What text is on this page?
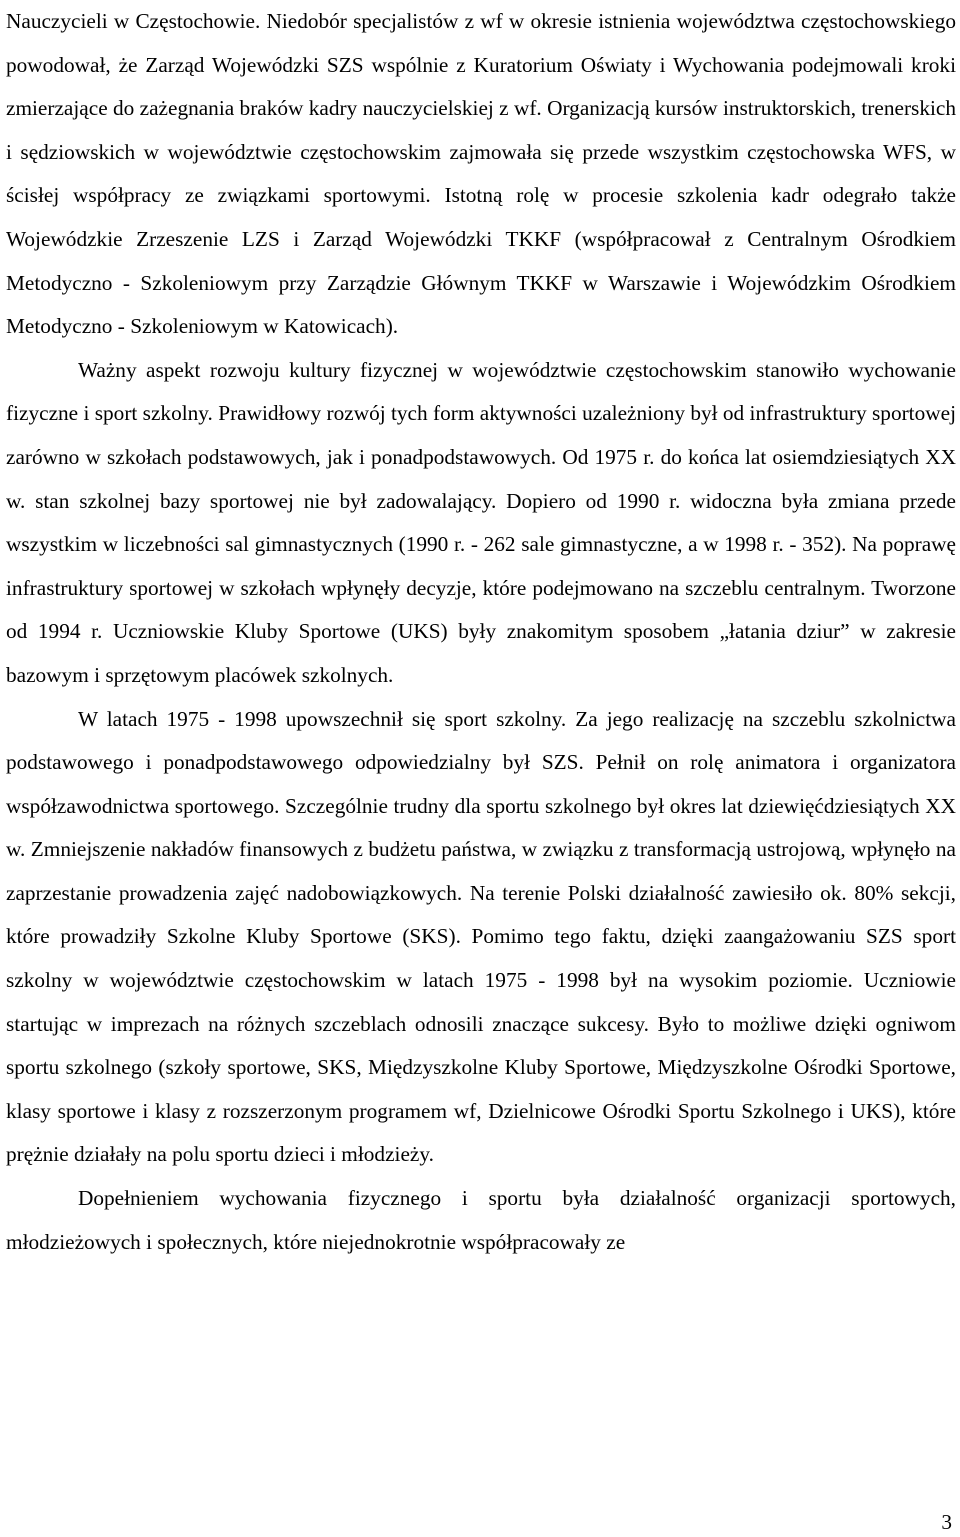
Nauczycieli w Częstochowie. Niedobór specjalistów z wf w okresie istnienia województwa częstochowskiego powodował, że Zarząd Wojewódzki SZS wspólnie z Kuratorium Oświaty i Wychowania podejmowali kroki zmierzające do zażegnania braków kadry nauczycielskiej z wf. Organizacją kursów instruktorskich, trenerskich i sędziowskich w województwie częstochowskim zajmowała się przede wszystkim częstochowska WFS, w ścisłej współpracy ze związkami sportowymi. Istotną rolę w procesie szkolenia kadr odegrało także Wojewódzkie Zrzeszenie LZS i Zarząd Wojewódzki TKKF (współpracował z Centralnym Ośrodkiem Metodyczno - Szkoleniowym przy Zarządzie Głównym TKKF w Warszawie i Wojewódzkim Ośrodkiem Metodyczno - Szkoleniowym w Katowicach).

Ważny aspekt rozwoju kultury fizycznej w województwie częstochowskim stanowiło wychowanie fizyczne i sport szkolny. Prawidłowy rozwój tych form aktywności uzależniony był od infrastruktury sportowej zarówno w szkołach podstawowych, jak i ponadpodstawowych. Od 1975 r. do końca lat osiemdziesiątych XX w. stan szkolnej bazy sportowej nie był zadowalający. Dopiero od 1990 r. widoczna była zmiana przede wszystkim w liczebności sal gimnastycznych (1990 r. - 262 sale gimnastyczne, a w 1998 r. - 352). Na poprawę infrastruktury sportowej w szkołach wpłynęły decyzje, które podejmowano na szczeblu centralnym. Tworzone od 1994 r. Uczniowskie Kluby Sportowe (UKS) były znakomitym sposobem „łatania dziur” w zakresie bazowym i sprzętowym placówek szkolnych.

W latach 1975 - 1998 upowszechnił się sport szkolny. Za jego realizację na szczeblu szkolnictwa podstawowego i ponadpodstawowego odpowiedzialny był SZS. Pełnił on rolę animatora i organizatora współzawodnictwa sportowego. Szczególnie trudny dla sportu szkolnego był okres lat dziewięćdziesiątych XX w. Zmniejszenie nakładów finansowych z budżetu państwa, w związku z transformacją ustrojową, wpłynęło na zaprzestanie prowadzenia zajęć nadobowiązkowych. Na terenie Polski działalność zawiesiło ok. 80% sekcji, które prowadziły Szkolne Kluby Sportowe (SKS). Pomimo tego faktu, dzięki zaangażowaniu SZS sport szkolny w województwie częstochowskim w latach 1975 - 1998 był na wysokim poziomie. Uczniowie startując w imprezach na różnych szczeblach odnosili znaczące sukcesy. Było to możliwe dzięki ogniwom sportu szkolnego (szkoły sportowe, SKS, Międzyszkolne Kluby Sportowe, Międzyszkolne Ośrodki Sportowe, klasy sportowe i klasy z rozszerzonym programem wf, Dzielnicowe Ośrodki Sportu Szkolnego i UKS), które prężnie działały na polu sportu dzieci i młodzieży.

Dopełnieniem wychowania fizycznego i sportu była działalność organizacji sportowych, młodzieżowych i społecznych, które niejednokrotnie współpracowały ze

3
